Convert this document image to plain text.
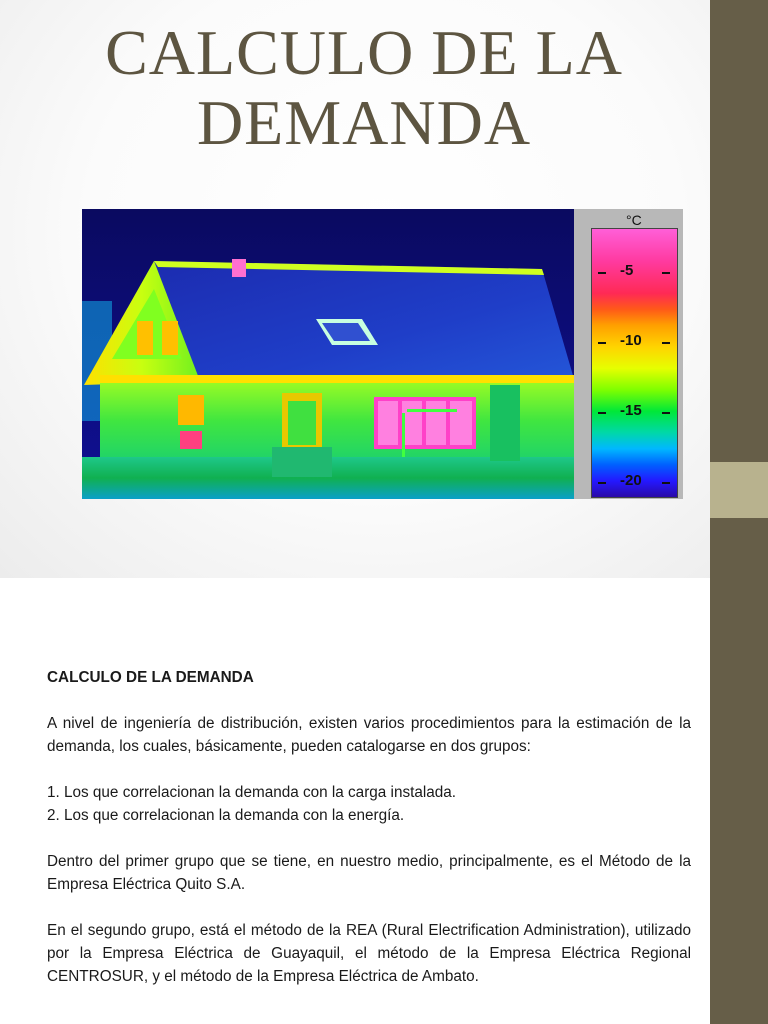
CALCULO DE LA
DEMANDA
°C
-5
-10
-15
-20
CALCULO DE LA DEMANDA

A nivel de ingeniería de distribución, existen varios procedimientos para la estimación de la demanda, los cuales, básicamente, pueden catalogarse en dos grupos:

1. Los que correlacionan la demanda con la carga instalada.
2. Los que correlacionan la demanda con la energía.

Dentro del primer grupo que se tiene, en nuestro medio, principalmente, es el Método de la Empresa Eléctrica Quito S.A.

En el segundo grupo, está el método de la REA (Rural Electrification Administration), utilizado por la Empresa Eléctrica de Guayaquil, el método de la Empresa Eléctrica Regional CENTROSUR, y el método de la Empresa Eléctrica de Ambato.
